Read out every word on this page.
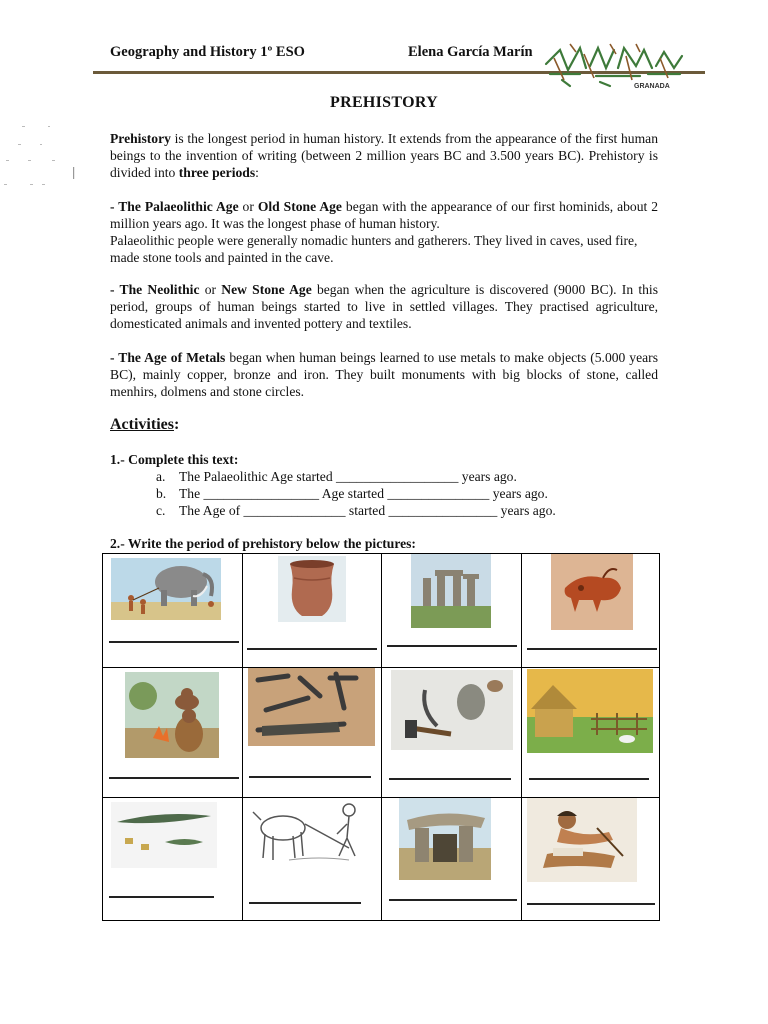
Geography and History 1º ESO	Elena García Marín
GRANADA
PREHISTORY
Prehistory is the longest period in human history. It extends from the appearance of the first human beings to the invention of writing (between 2 million years BC and 3.500 years BC). Prehistory is divided into three periods:
- The Palaeolithic Age or Old Stone Age began with the appearance of our first hominids, about 2 million years ago. It was the longest phase of human history.
Palaeolithic people were generally nomadic hunters and gatherers. They lived in caves, used fire, made stone tools and painted in the cave.
- The Neolithic or New Stone Age began when the agriculture is discovered (9000 BC). In this period, groups of human beings started to live in settled villages. They practised agriculture, domesticated animals and invented pottery and textiles.
- The Age of Metals began when human beings learned to use metals to make objects (5.000 years BC), mainly copper, bronze and iron. They built monuments with big blocks of stone, called menhirs, dolmens and stone circles.
Activities:
1.- Complete this text:
a. The Palaeolithic Age started __________________ years ago.
b. The _________________ Age started _______________ years ago.
c. The Age of _______________ started ________________ years ago.
2.- Write the period of prehistory below the pictures:
